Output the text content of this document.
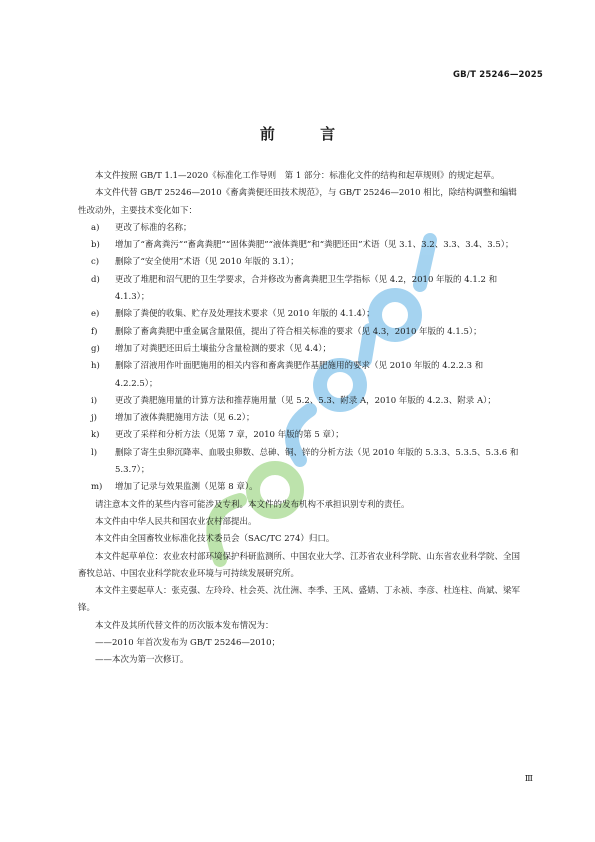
GB/T 25246—2025
前 言

本文件按照 GB/T 1.1—2020《标准化工作导则　第 1 部分：标准化文件的结构和起草规则》的规定起草。

本文件代替 GB/T 25246—2010《畜禽粪便还田技术规范》，与 GB/T 25246—2010 相比，除结构调整和编辑性改动外，主要技术变化如下：

a) 更改了标准的名称；

b) 增加了“畜禽粪污”“畜禽粪肥”“固体粪肥”“液体粪肥”和“粪肥还田”术语（见 3.1、3.2、3.3、3.4、3.5）；

c) 删除了“安全使用”术语（见 2010 年版的 3.1）；

d) 更改了堆肥和沼气肥的卫生学要求，合并修改为畜禽粪肥卫生学指标（见 4.2，2010 年版的 4.1.2 和 4.1.3）；

e) 删除了粪便的收集、贮存及处理技术要求（见 2010 年版的 4.1.4）；

f) 删除了畜禽粪肥中重金属含量限值，提出了符合相关标准的要求（见 4.3，2010 年版的 4.1.5）；

g) 增加了对粪肥还田后土壤盐分含量检测的要求（见 4.4）；

h) 删除了沼液用作叶面肥施用的相关内容和畜禽粪肥作基肥施用的要求（见 2010 年版的 4.2.2.3 和 4.2.2.5）；

i) 更改了粪肥施用量的计算方法和推荐施用量（见 5.2、5.3、附录 A，2010 年版的 4.2.3、附录 A）；

j) 增加了液体粪肥施用方法（见 6.2）；

k) 更改了采样和分析方法（见第 7 章，2010 年版的第 5 章）；

l) 删除了寄生虫卵沉降率、血吸虫卵数、总砷、铜、锌的分析方法（见 2010 年版的 5.3.3、5.3.5、5.3.6 和 5.3.7）；

m) 增加了记录与效果监测（见第 8 章）。

请注意本文件的某些内容可能涉及专利。本文件的发布机构不承担识别专利的责任。

本文件由中华人民共和国农业农村部提出。

本文件由全国畜牧业标准化技术委员会（SAC/TC 274）归口。

本文件起草单位：农业农村部环境保护科研监测所、中国农业大学、江苏省农业科学院、山东省农业科学院、全国畜牧总站、中国农业科学院农业环境与可持续发展研究所。

本文件主要起草人：张克强、左玲玲、杜会英、沈仕洲、李季、王风、盛婧、丁永祯、李彦、杜连柱、尚斌、梁军锋。

本文件及其所代替文件的历次版本发布情况为：

——2010 年首次发布为 GB/T 25246—2010；

——本次为第一次修订。

Ⅲ
